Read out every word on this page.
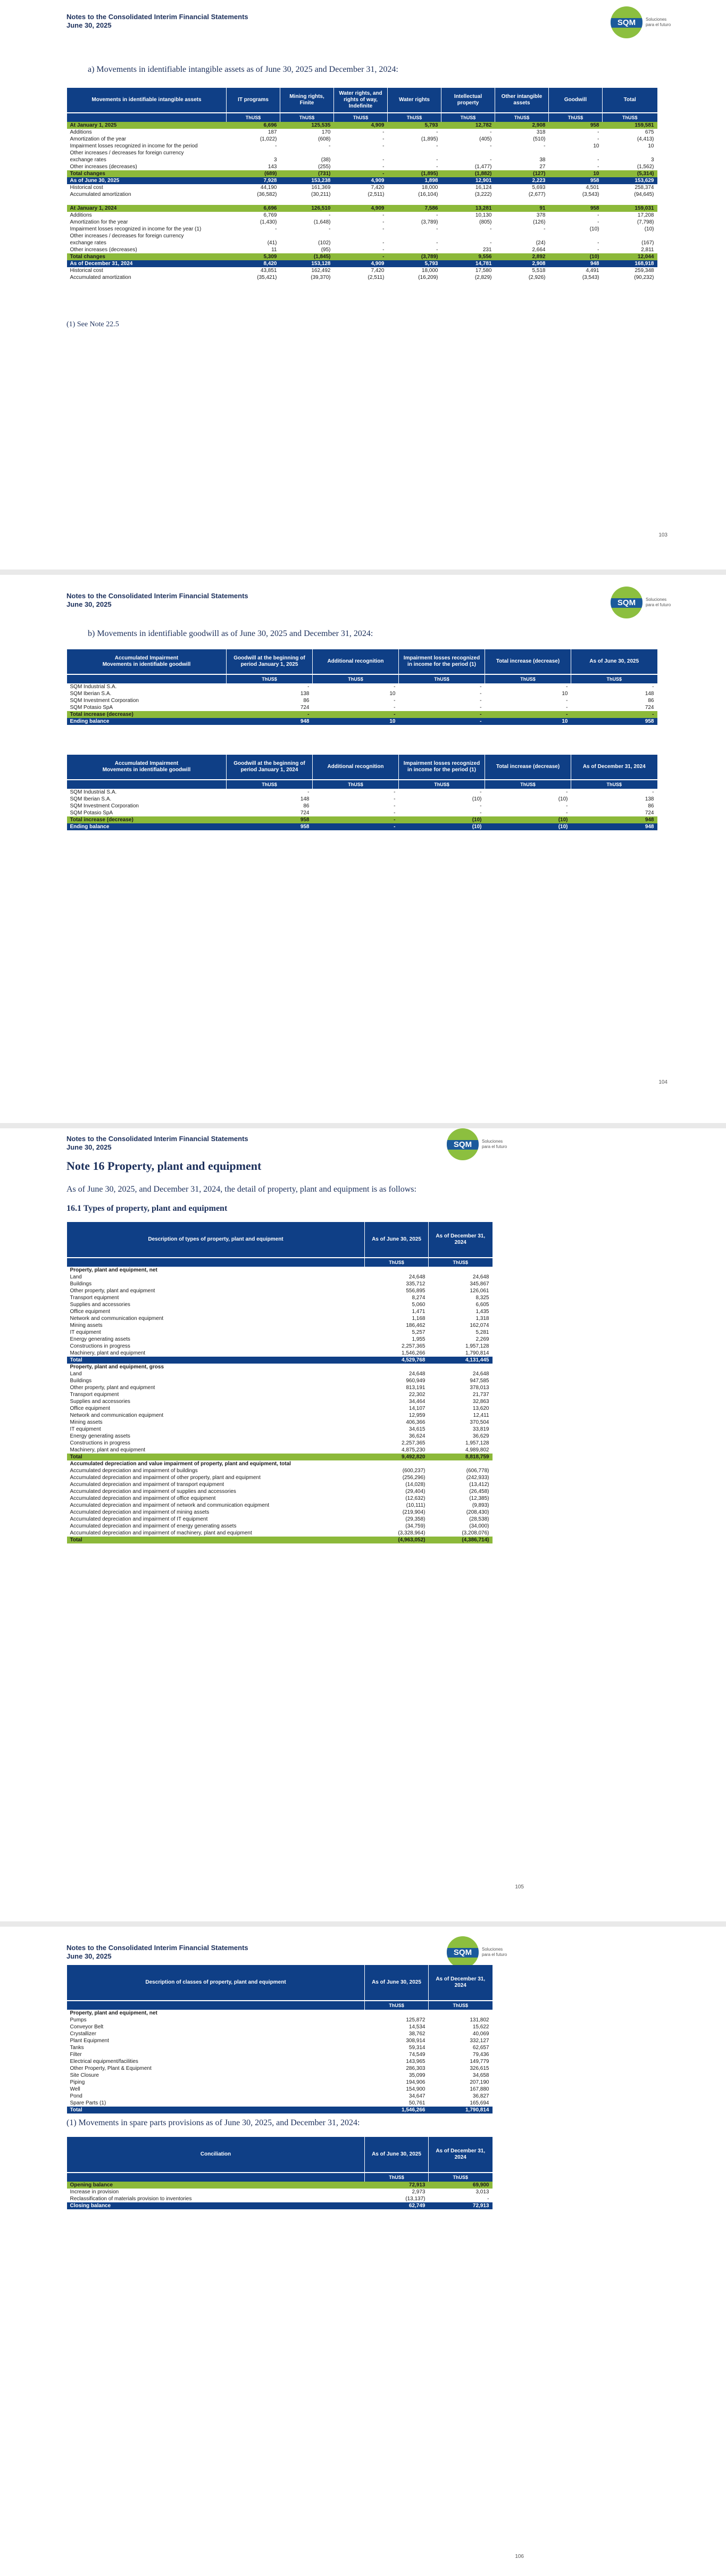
Notes to the Consolidated Interim Financial Statements
June 30, 2025	SQM	Soluciones para el futuro
a) Movements in identifiable intangible assets as of June 30, 2025 and December 31, 2024:
Movements in identifiable intangible assets	IT programs	Mining rights, Finite	Water rights, and rights of way, Indefinite	Water rights	Intellectual property	Other intangible assets	Goodwill	Total
	ThUS$	ThUS$	ThUS$	ThUS$	ThUS$	ThUS$	ThUS$	ThUS$
At January 1, 2025	6,696	125,535	4,909	5,793	12,782	2,908	958	159,581
Additions	187	170	-	-	-	318	-	675
Amortization of the year	(1,022)	(608)	-	(1,895)	(405)	(510)	-	(4,413)
Impairment losses recognized in income for the period	-	-	-	-	-	-	10	10
Other increases / decreases for foreign currency								
exchange rates	3	(38)	-	-	-	38	-	3
Other increases (decreases)	143	(255)	-	-	(1,477)	27	-	(1,562)
Total changes	(689)	(731)	-	(1,895)	(1,882)	(127)	10	(5,314)
As of June 30, 2025	7,928	153,238	4,909	1,898	12,901	2,223	958	153,629
Historical cost	44,190	161,369	7,420	18,000	16,124	5,693	4,501	258,374
Accumulated amortization	(36,582)	(30,211)	(2,511)	(16,104)	(3,222)	(2,677)	(3,543)	(94,645)

At January 1, 2024	6,696	126,510	4,909	7,586	13,281	91	958	159,031
Additions	6,769	-	-	-	10,130	378	-	17,208
Amortization for the year	(1,430)	(1,648)	-	(3,789)	(805)	(126)	-	(7,798)
Impairment losses recognized in income for the year (1)	-	-	-	-	-	-	(10)	(10)
Other increases / decreases for foreign currency								
exchange rates	(41)	(102)	-	-	-	(24)	-	(167)
Other increases (decreases)	11	(95)	-	-	231	2,664	-	2,811
Total changes	5,309	(1,845)	-	(3,789)	9,556	2,892	(10)	12,044
As of December 31, 2024	8,420	153,128	4,909	5,793	14,781	2,908	948	168,918
Historical cost	43,851	162,492	7,420	18,000	17,580	5,518	4,491	259,348
Accumulated amortization	(35,421)	(39,370)	(2,511)	(16,209)	(2,829)	(2,926)	(3,543)	(90,232)
(1) See Note 22.5
103
Notes to the Consolidated Interim Financial Statements
June 30, 2025	SQM	Soluciones para el futuro
b) Movements in identifiable goodwill as of June 30, 2025 and December 31, 2024:
Accumulated Impairment
Movements in identifiable goodwill	Goodwill at the beginning of period January 1, 2025	Additional recognition	Impairment losses recognized in income for the period (1)	Total increase (decrease)	As of June 30, 2025
	ThUS$	ThUS$	ThUS$	ThUS$	ThUS$
SQM Industrial S.A.	-	-	-	-	-
SQM Iberian S.A.	138	10	-	10	148
SQM Investment Corporation	86	-	-	-	86
SQM Potasio SpA	724	-	-	-	724
Total increase (decrease)	-	-	-	-	-
Ending balance	948	10	-	10	958
Accumulated Impairment
Movements in identifiable goodwill	Goodwill at the beginning of period January 1, 2024	Additional recognition	Impairment losses recognized in income for the period (1)	Total increase (decrease)	As of December 31, 2024
	ThUS$	ThUS$	ThUS$	ThUS$	ThUS$
SQM Industrial S.A.	-	-	-	-	-
SQM Iberian S.A.	148	-	(10)	(10)	138
SQM Investment Corporation	86	-	-	-	86
SQM Potasio SpA	724	-	-	-	724
Total increase (decrease)	958	-	(10)	(10)	948
Ending balance	958	-	(10)	(10)	948
104
Notes to the Consolidated Interim Financial Statements
June 30, 2025	SQM	Soluciones para el futuro
Note 16 Property, plant and equipment
As of June 30, 2025, and December 31, 2024, the detail of property, plant and equipment is as follows:
16.1 Types of property, plant and equipment
Description of types of property, plant and equipment	As of June 30, 2025	As of December 31, 2024
	ThUS$	ThUS$
Property, plant and equipment, net		
Land	24,648	24,648
Buildings	335,712	345,867
Other property, plant and equipment	556,895	126,061
Transport equipment	8,274	8,325
Supplies and accessories	5,060	6,605
Office equipment	1,471	1,435
Network and communication equipment	1,168	1,318
Mining assets	186,462	162,074
IT equipment	5,257	5,281
Energy generating assets	1,955	2,269
Constructions in progress	2,257,365	1,957,128
Machinery, plant and equipment	1,546,266	1,790,814
Total	4,529,768	4,131,445
Property, plant and equipment, gross		
Land	24,648	24,648
Buildings	960,949	947,585
Other property, plant and equipment	813,191	378,013
Transport equipment	22,302	21,737
Supplies and accessories	34,464	32,863
Office equipment	14,107	13,620
Network and communication equipment	12,959	12,411
Mining assets	406,366	370,504
IT equipment	34,615	33,819
Energy generating assets	36,624	36,629
Constructions in progress	2,257,365	1,957,128
Machinery, plant and equipment	4,875,230	4,989,802
Total	9,492,820	8,818,759
Accumulated depreciation and value impairment of property, plant and equipment, total		
Accumulated depreciation and impairment of buildings	(600,237)	(606,778)
Accumulated depreciation and impairment of other property, plant and equipment	(256,296)	(242,933)
Accumulated depreciation and impairment of transport equipment	(14,028)	(13,412)
Accumulated depreciation and impairment of supplies and accessories	(29,404)	(26,458)
Accumulated depreciation and impairment of office equipment	(12,632)	(12,385)
Accumulated depreciation and impairment of network and communication equipment	(10,111)	(9,893)
Accumulated depreciation and impairment of mining assets	(219,904)	(208,430)
Accumulated depreciation and impairment of IT equipment	(29,358)	(28,538)
Accumulated depreciation and impairment of energy generating assets	(34,759)	(34,000)
Accumulated depreciation and impairment of machinery, plant and equipment	(3,328,964)	(3,208,076)
Total	(4,963,052)	(4,386,714)
105
Notes to the Consolidated Interim Financial Statements
June 30, 2025	SQM	Soluciones para el futuro
Description of classes of property, plant and equipment	As of June 30, 2025	As of December 31, 2024
	ThUS$	ThUS$
Property, plant and equipment, net		
Pumps	125,872	131,802
Conveyor Belt	14,534	15,622
Crystallizer	38,762	40,069
Plant Equipment	308,914	332,127
Tanks	59,314	62,657
Filter	74,549	79,436
Electrical equipment/facilities	143,965	149,779
Other Property, Plant & Equipment	286,303	326,615
Site Closure	35,099	34,658
Piping	194,906	207,190
Well	154,900	167,880
Pond	34,647	36,827
Spare Parts (1)	50,761	165,694
Total	1,546,266	1,790,814
(1) Movements in spare parts provisions as of June 30, 2025, and December 31, 2024:
Conciliation	As of June 30, 2025	As of December 31, 2024
	ThUS$	ThUS$
Opening balance	72,913	69,900
Increase in provision	2,973	3,013
Reclassification of materials provision to inventories	(13,137)	-
Closing balance	62,749	72,913
106
